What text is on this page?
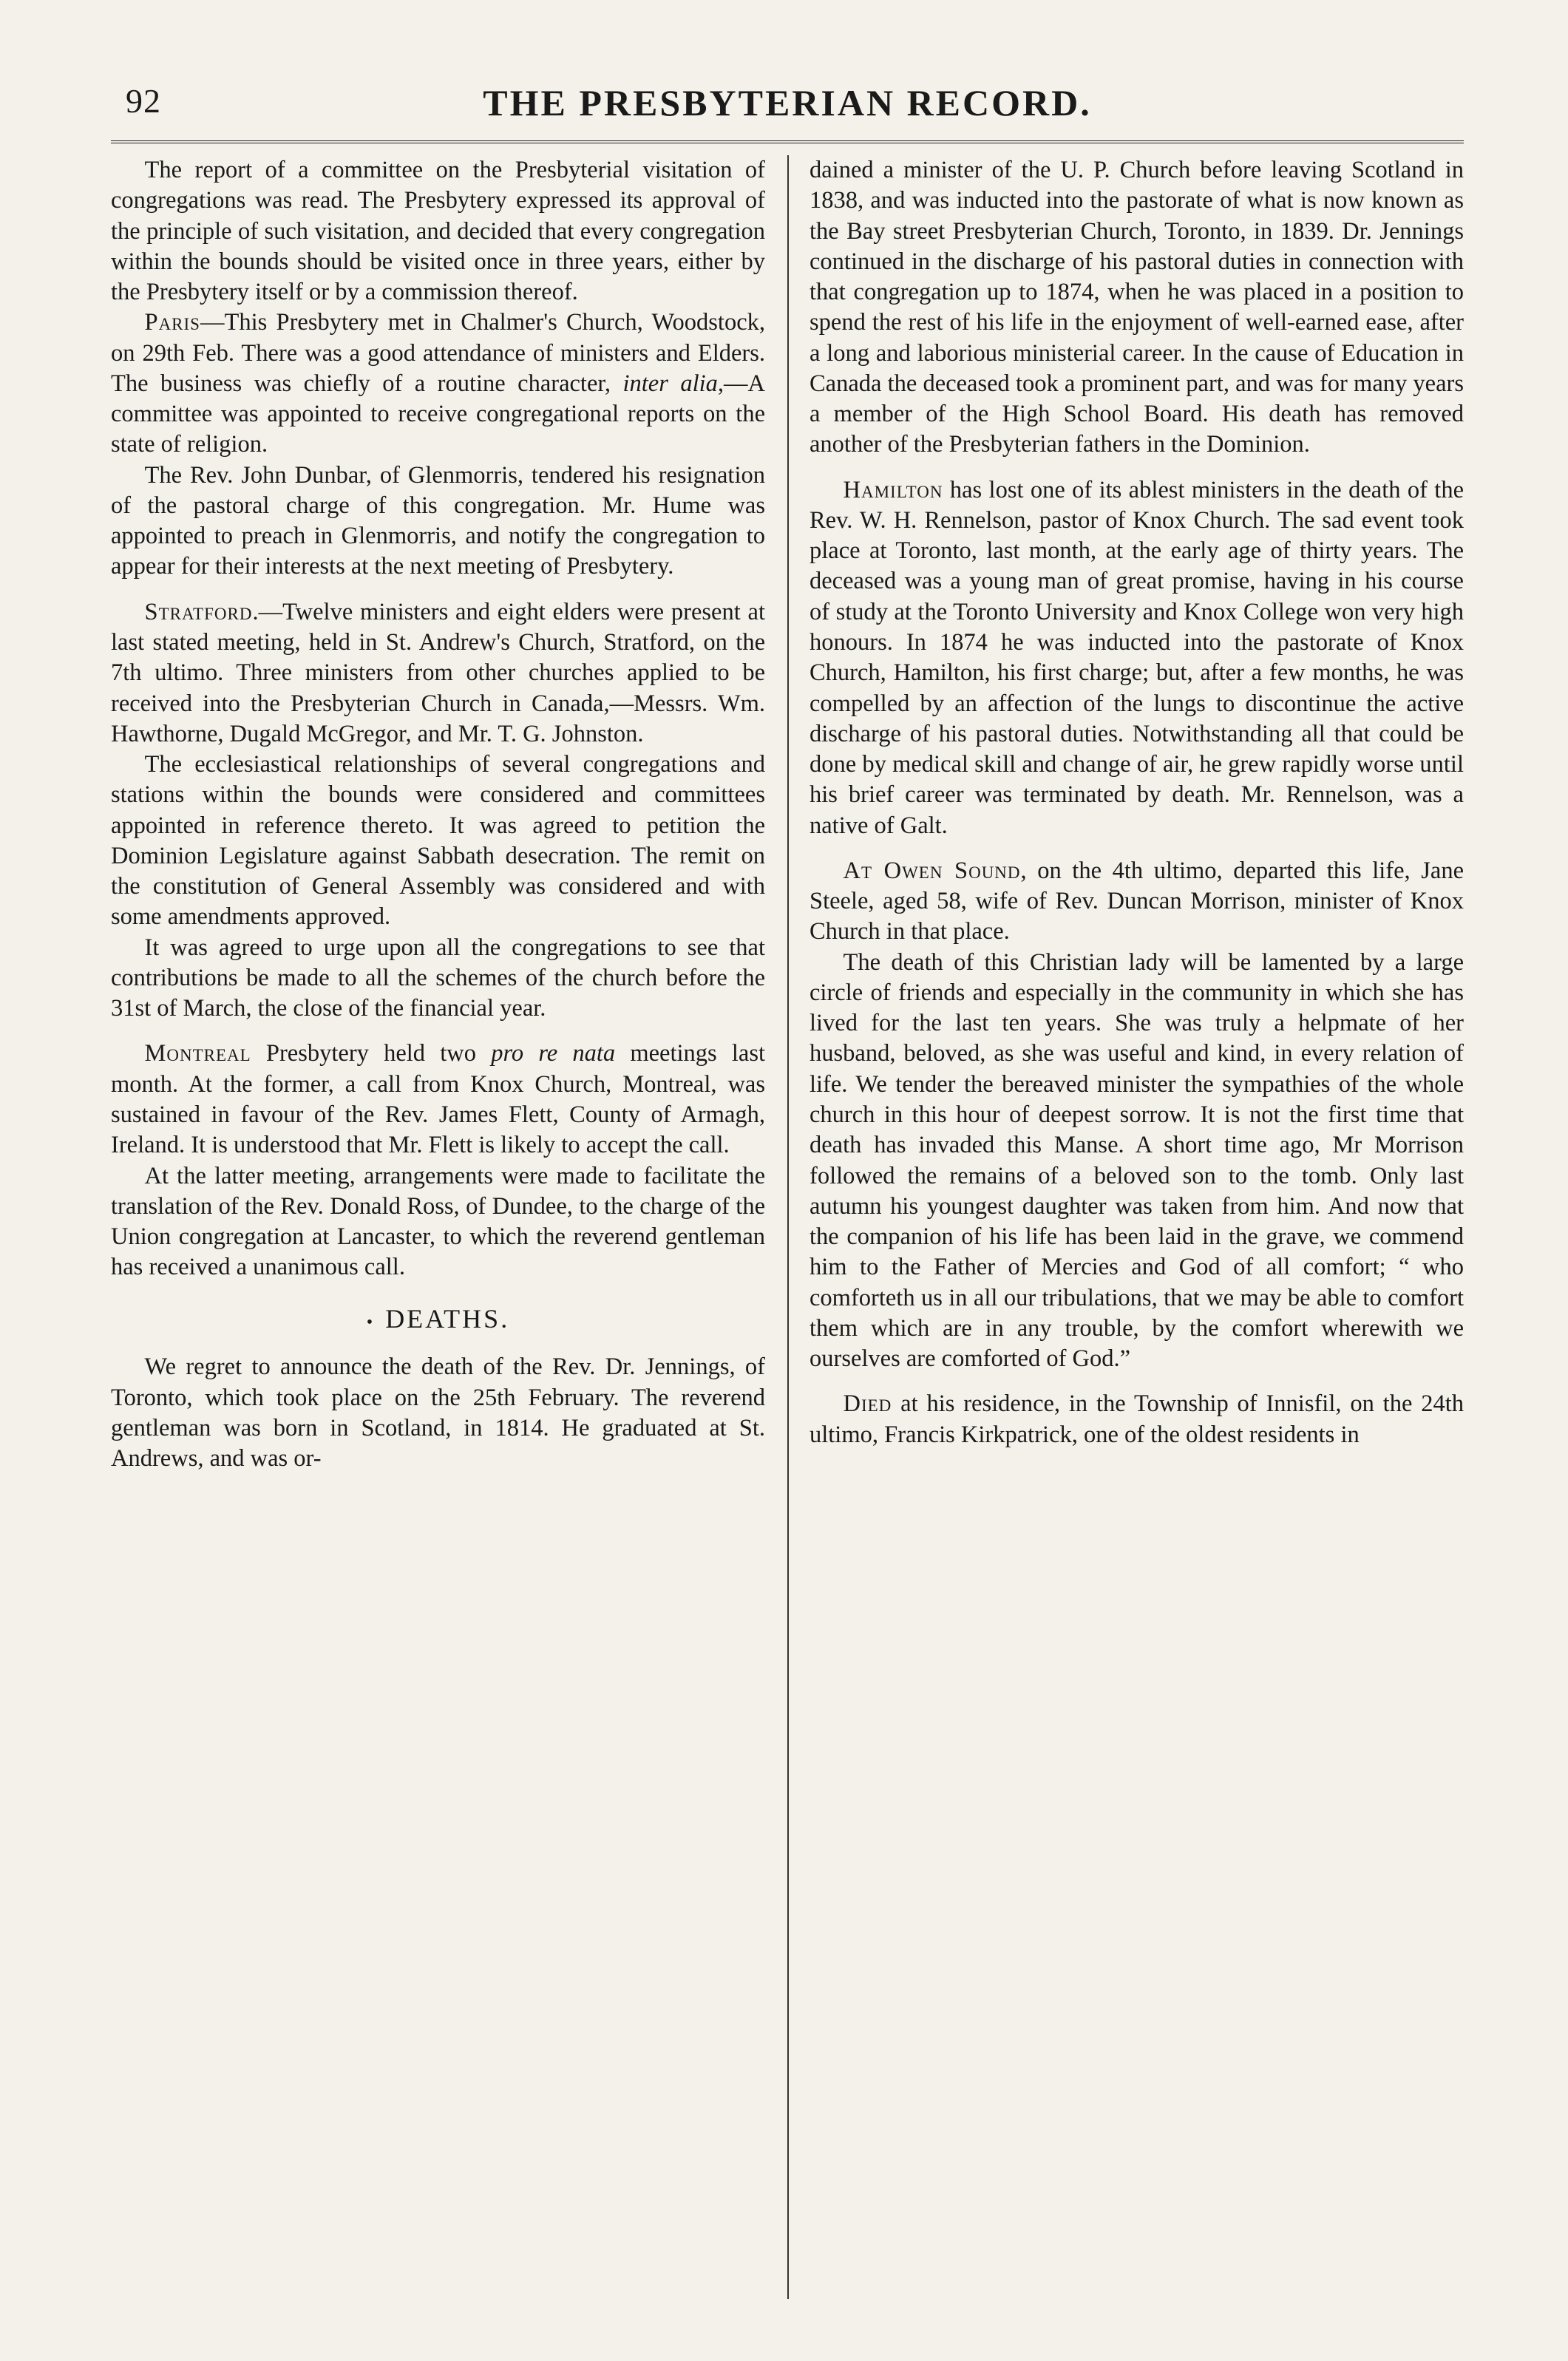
92	THE PRESBYTERIAN RECORD.

The report of a committee on the Presbyterial visitation of congregations was read. The Presbytery expressed its approval of the principle of such visitation, and decided that every congregation within the bounds should be visited once in three years, either by the Presbytery itself or by a commission thereof.

Paris—This Presbytery met in Chalmer's Church, Woodstock, on 29th Feb. There was a good attendance of ministers and Elders. The business was chiefly of a routine character, inter alia,—A committee was appointed to receive congregational reports on the state of religion.

The Rev. John Dunbar, of Glenmorris, tendered his resignation of the pastoral charge of this congregation. Mr. Hume was appointed to preach in Glenmorris, and notify the congregation to appear for their interests at the next meeting of Presbytery.

Stratford.—Twelve ministers and eight elders were present at last stated meeting, held in St. Andrew's Church, Stratford, on the 7th ultimo. Three ministers from other churches applied to be received into the Presbyterian Church in Canada,—Messrs. Wm. Hawthorne, Dugald McGregor, and Mr. T. G. Johnston.

The ecclesiastical relationships of several congregations and stations within the bounds were considered and committees appointed in reference thereto. It was agreed to petition the Dominion Legislature against Sabbath desecration. The remit on the constitution of General Assembly was considered and with some amendments approved.

It was agreed to urge upon all the congregations to see that contributions be made to all the schemes of the church before the 31st of March, the close of the financial year.

Montreal Presbytery held two pro re nata meetings last month. At the former, a call from Knox Church, Montreal, was sustained in favour of the Rev. James Flett, County of Armagh, Ireland. It is understood that Mr. Flett is likely to accept the call.

At the latter meeting, arrangements were made to facilitate the translation of the Rev. Donald Ross, of Dundee, to the charge of the Union congregation at Lancaster, to which the reverend gentleman has received a unanimous call.

• DEATHS.

We regret to announce the death of the Rev. Dr. Jennings, of Toronto, which took place on the 25th February. The reverend gentleman was born in Scotland, in 1814. He graduated at St. Andrews, and was or-

dained a minister of the U. P. Church before leaving Scotland in 1838, and was inducted into the pastorate of what is now known as the Bay street Presbyterian Church, Toronto, in 1839. Dr. Jennings continued in the discharge of his pastoral duties in connection with that congregation up to 1874, when he was placed in a position to spend the rest of his life in the enjoyment of well-earned ease, after a long and laborious ministerial career. In the cause of Education in Canada the deceased took a prominent part, and was for many years a member of the High School Board. His death has removed another of the Presbyterian fathers in the Dominion.

Hamilton has lost one of its ablest ministers in the death of the Rev. W. H. Rennelson, pastor of Knox Church. The sad event took place at Toronto, last month, at the early age of thirty years. The deceased was a young man of great promise, having in his course of study at the Toronto University and Knox College won very high honours. In 1874 he was inducted into the pastorate of Knox Church, Hamilton, his first charge; but, after a few months, he was compelled by an affection of the lungs to discontinue the active discharge of his pastoral duties. Notwithstanding all that could be done by medical skill and change of air, he grew rapidly worse until his brief career was terminated by death. Mr. Rennelson, was a native of Galt.

At Owen Sound, on the 4th ultimo, departed this life, Jane Steele, aged 58, wife of Rev. Duncan Morrison, minister of Knox Church in that place.

The death of this Christian lady will be lamented by a large circle of friends and especially in the community in which she has lived for the last ten years. She was truly a helpmate of her husband, beloved, as she was useful and kind, in every relation of life. We tender the bereaved minister the sympathies of the whole church in this hour of deepest sorrow. It is not the first time that death has invaded this Manse. A short time ago, Mr Morrison followed the remains of a beloved son to the tomb. Only last autumn his youngest daughter was taken from him. And now that the companion of his life has been laid in the grave, we commend him to the Father of Mercies and God of all comfort; “ who comforteth us in all our tribulations, that we may be able to comfort them which are in any trouble, by the comfort wherewith we ourselves are comforted of God.”

Died at his residence, in the Township of Innisfil, on the 24th ultimo, Francis Kirkpatrick, one of the oldest residents in
